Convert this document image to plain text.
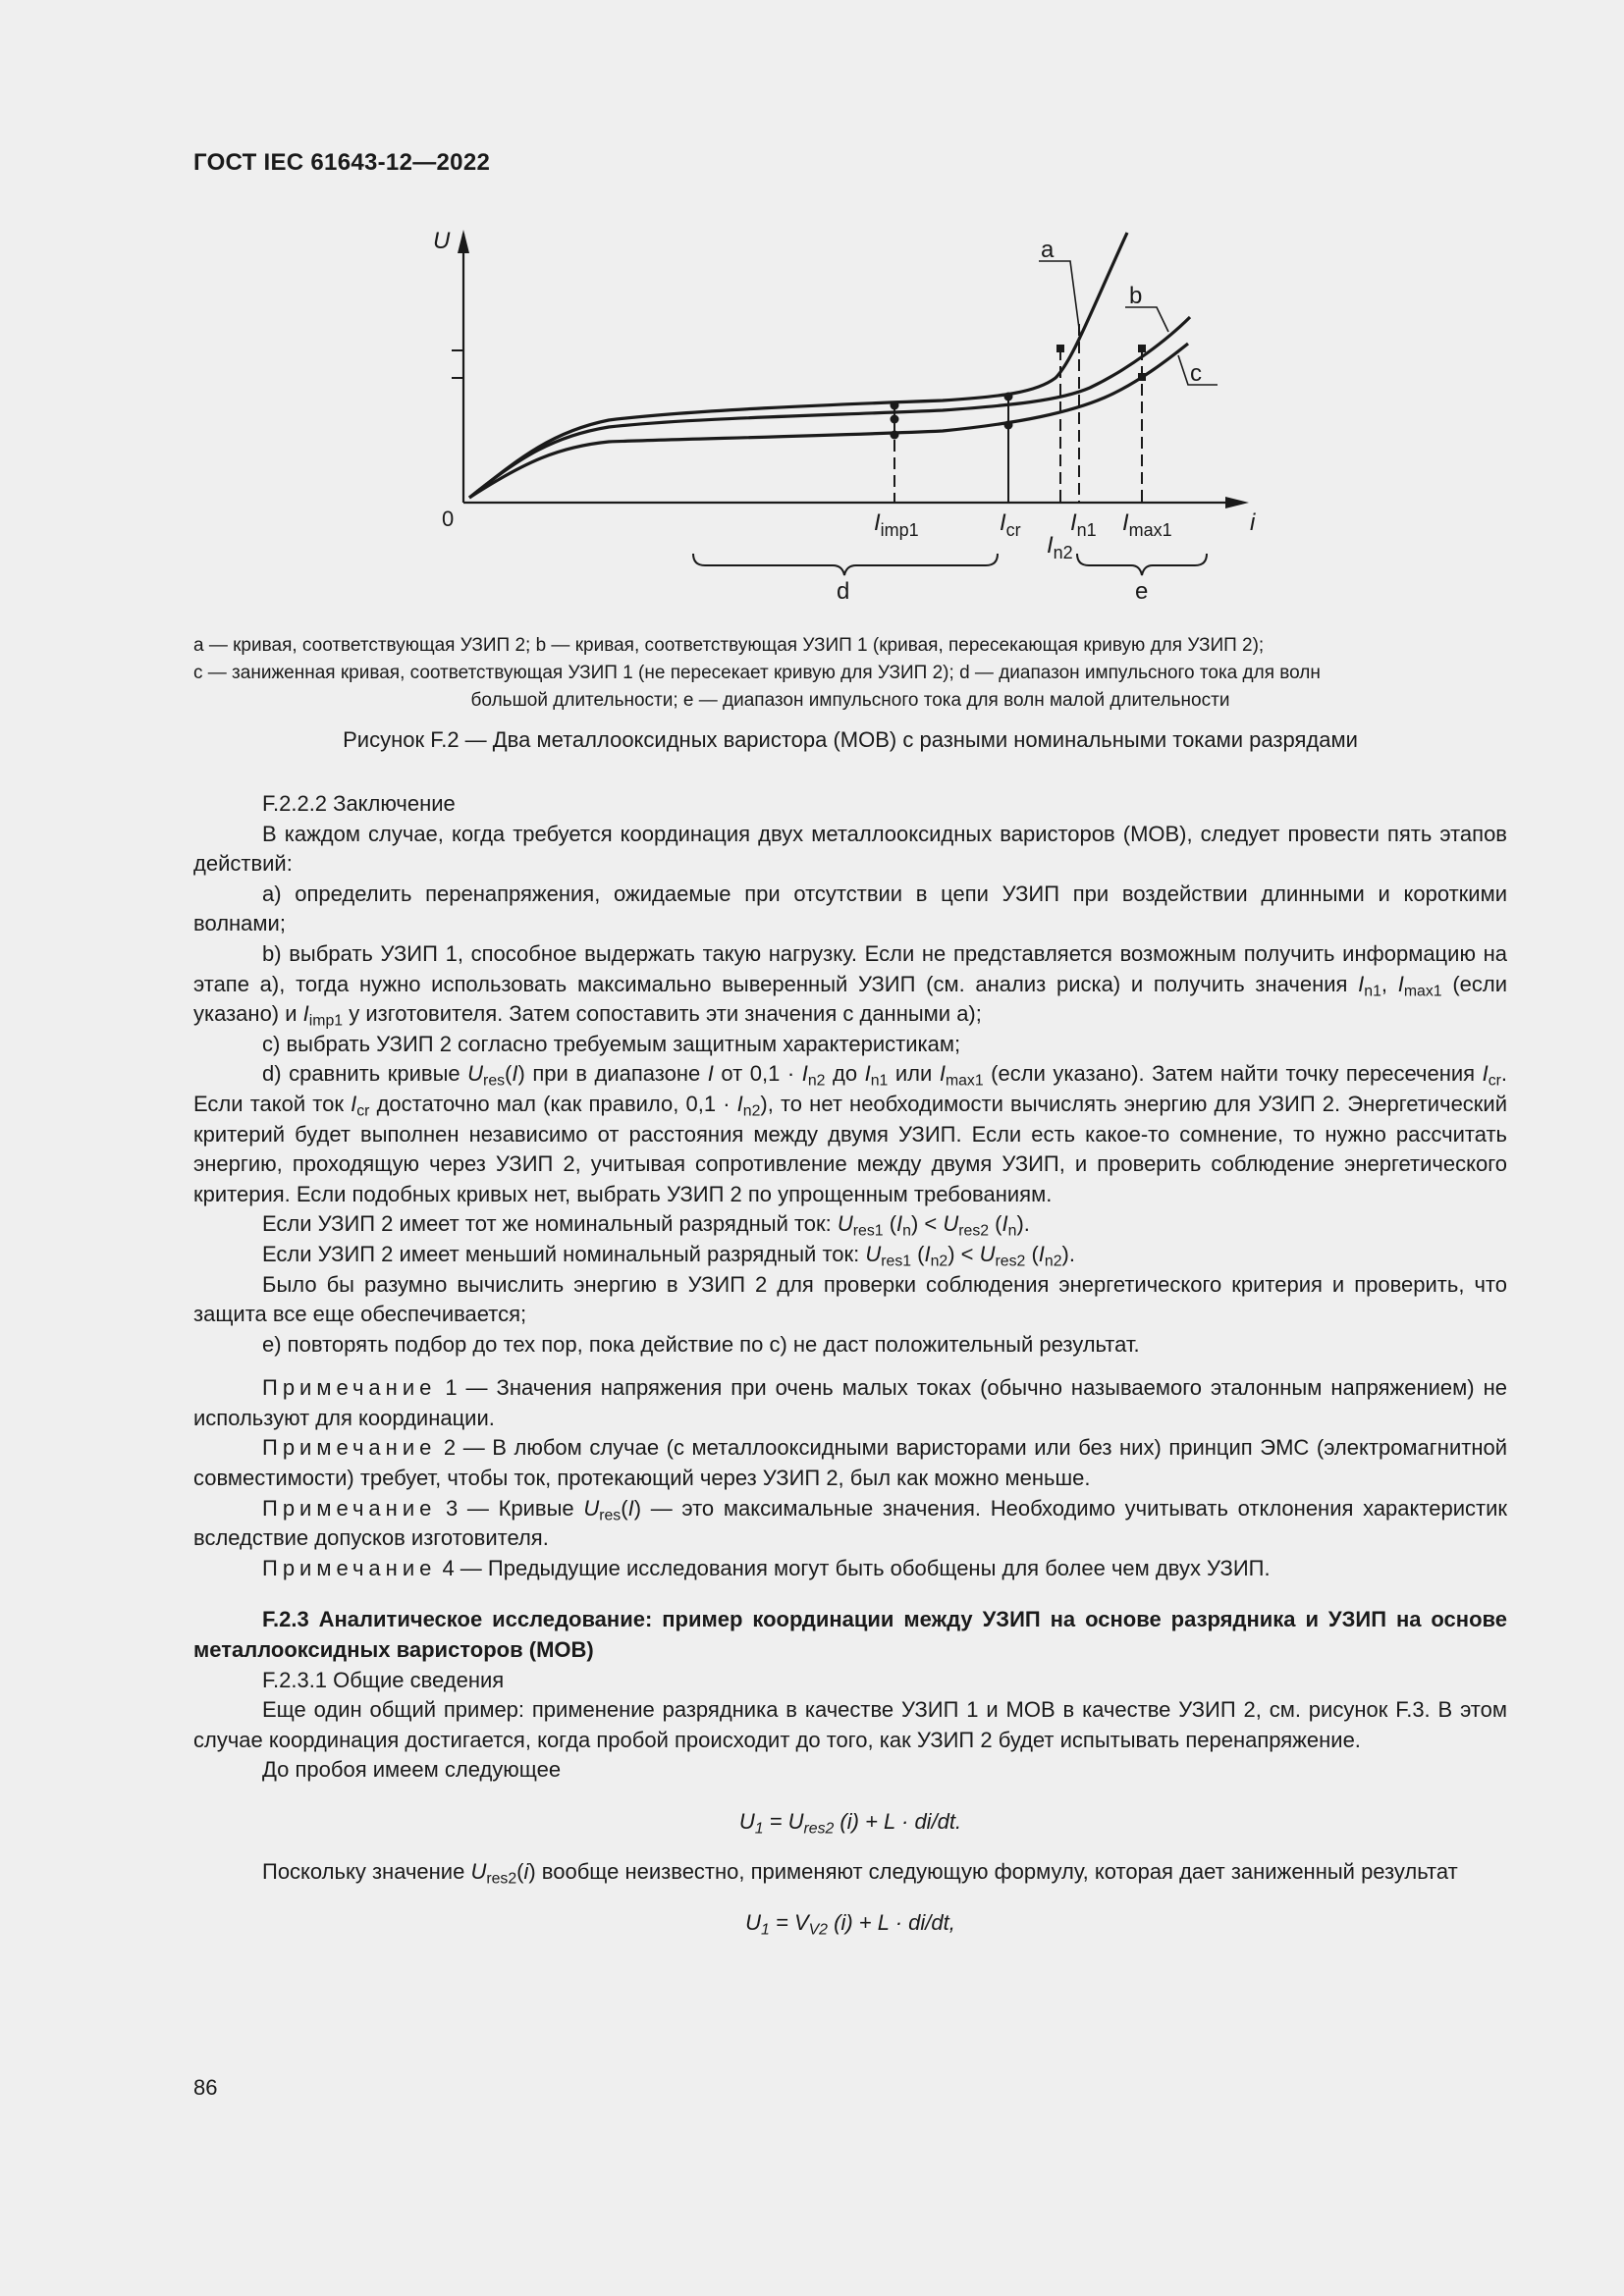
ГОСТ IEC 61643-12—2022
U
i
0
a
b
c
$I_{imp1}$	$I_{cr}$ $I_{n1}$
$I_{n2}$
$I_{max1}$
d	e
a — кривая, соответствующая УЗИП 2; b — кривая, соответствующая УЗИП 1 (кривая, пересекающая кривую для УЗИП 2);
с — заниженная кривая, соответствующая УЗИП 1 (не пересекает кривую для УЗИП 2); d — диапазон импульсного тока для волн
большой длительности; e — диапазон импульсного тока для волн малой длительности
Рисунок F.2 — Два металлооксидных варистора (МОВ) с разными номинальными токами разрядами

F.2.2.2 Заключение

В каждом случае, когда требуется координация двух металлооксидных варисторов (МОВ), следует провести пять этапов действий:

a) определить перенапряжения, ожидаемые при отсутствии в цепи УЗИП при воздействии длинными и короткими волнами;

b) выбрать УЗИП 1, способное выдержать такую нагрузку. Если не представляется возможным получить информацию на этапе a), тогда нужно использовать максимально выверенный УЗИП (см. анализ риска) и получить значения $I_{n1}$, $I_{max1}$ (если указано) и $I_{imp1}$ у изготовителя. Затем сопоставить эти значения с данными a);

c) выбрать УЗИП 2 согласно требуемым защитным характеристикам;

d) сравнить кривые $U_{res}(I)$ при в диапазоне I от $0,1 \cdot I_{n2}$ до $I_{n1}$ или $I_{max1}$ (если указано). Затем найти точку пересечения $I_{cr}$. Если такой ток $I_{cr}$ достаточно мал (как правило, $0,1 \cdot I_{n2}$), то нет необходимости вычислять энергию для УЗИП 2. Энергетический критерий будет выполнен независимо от расстояния между двумя УЗИП. Если есть какое-то сомнение, то нужно рассчитать энергию, проходящую через УЗИП 2, учитывая сопротивление между двумя УЗИП, и проверить соблюдение энергетического критерия. Если подобных кривых нет, выбрать УЗИП 2 по упрощенным требованиям.

Если УЗИП 2 имеет тот же номинальный разрядный ток: $U_{res1}$ $(I_n) < U_{res2}$ $(I_n)$.

Если УЗИП 2 имеет меньший номинальный разрядный ток: $U_{res1}$ $(I_{n2}) < U_{res2}$ $(I_{n2})$.

Было бы разумно вычислить энергию в УЗИП 2 для проверки соблюдения энергетического критерия и проверить, что защита все еще обеспечивается;

e) повторять подбор до тех пор, пока действие по c) не даст положительный результат.

Примечание 1 — Значения напряжения при очень малых токах (обычно называемого эталонным напряжением) не используют для координации.

Примечание 2 — В любом случае (с металлооксидными варисторами или без них) принцип ЭМС (электромагнитной совместимости) требует, чтобы ток, протекающий через УЗИП 2, был как можно меньше.

Примечание 3 — Кривые $U_{res}(I)$ — это максимальные значения. Необходимо учитывать отклонения характеристик вследствие допусков изготовителя.

Примечание 4 — Предыдущие исследования могут быть обобщены для более чем двух УЗИП.

F.2.3 Аналитическое исследование: пример координации между УЗИП на основе разрядника и УЗИП на основе металлооксидных варисторов (МОВ)

F.2.3.1 Общие сведения

Еще один общий пример: применение разрядника в качестве УЗИП 1 и МОВ в качестве УЗИП 2, см. рисунок F.3. В этом случае координация достигается, когда пробой происходит до того, как УЗИП 2 будет испытывать перенапряжение.

До пробоя имеем следующее

$U_1 = U_{res2}$ (i) + L · di/dt.

Поскольку значение $U_{res2}(i)$ вообще неизвестно, применяют следующую формулу, которая дает заниженный результат

$U_1 = V_{V2}$ (i) + L · di/dt,

86
